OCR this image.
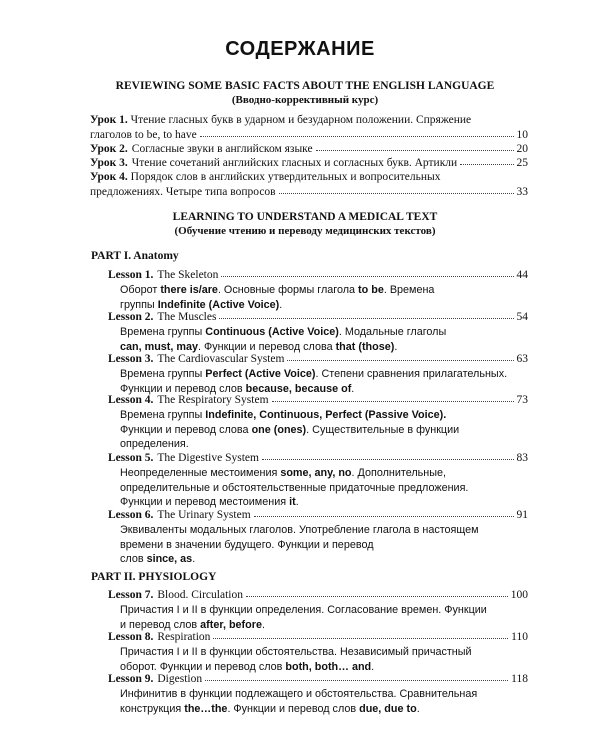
СОДЕРЖАНИЕ
REVIEWING SOME BASIC FACTS ABOUT THE ENGLISH LANGUAGE
(Вводно-коррективный курс)
Урок 1. Чтение гласных букв в ударном и безударном положении. Спряжение
глаголов to be, to have	10
Урок 2. Согласные звуки в английском языке	20
Урок 3. Чтение сочетаний английских гласных и согласных букв. Артикли	25
Урок 4. Порядок слов в английских утвердительных и вопросительных
предложениях. Четыре типа вопросов	33
LEARNING TO UNDERSTAND A MEDICAL TEXT
(Обучение чтению и переводу медицинских текстов)
PART I. Anatomy
Lesson 1. The Skeleton	44
Оборот there is/are. Основные формы глагола to be. Времена
группы Indefinite (Active Voice).
Lesson 2. The Muscles	54
Времена группы Continuous (Active Voice). Модальные глаголы
can, must, may. Функции и перевод слова that (those).
Lesson 3. The Cardiovascular System	63
Времена группы Perfect (Active Voice). Степени сравнения прилагательных.
Функции и перевод слов because, because of.
Lesson 4. The Respiratory System	73
Времена группы Indefinite, Continuous, Perfect (Passive Voice).
Функции и перевод слова one (ones). Существительные в функции
определения.
Lesson 5. The Digestive System	83
Неопределенные местоимения some, any, no. Дополнительные,
определительные и обстоятельственные придаточные предложения.
Функции и перевод местоимения it.
Lesson 6. The Urinary System	91
Эквиваленты модальных глаголов. Употребление глагола в настоящем
времени в значении будущего. Функции и перевод
слов since, as.
PART II. PHYSIOLOGY
Lesson 7. Blood. Circulation	100
Причастия I и II в функции определения. Согласование времен. Функции
и перевод слов after, before.
Lesson 8. Respiration	110
Причастия I и II в функции обстоятельства. Независимый причастный
оборот. Функции и перевод слов both, both… and.
Lesson 9. Digestion	118
Инфинитив в функции подлежащего и обстоятельства. Сравнительная
конструкция the…the. Функции и перевод слов due, due to.
